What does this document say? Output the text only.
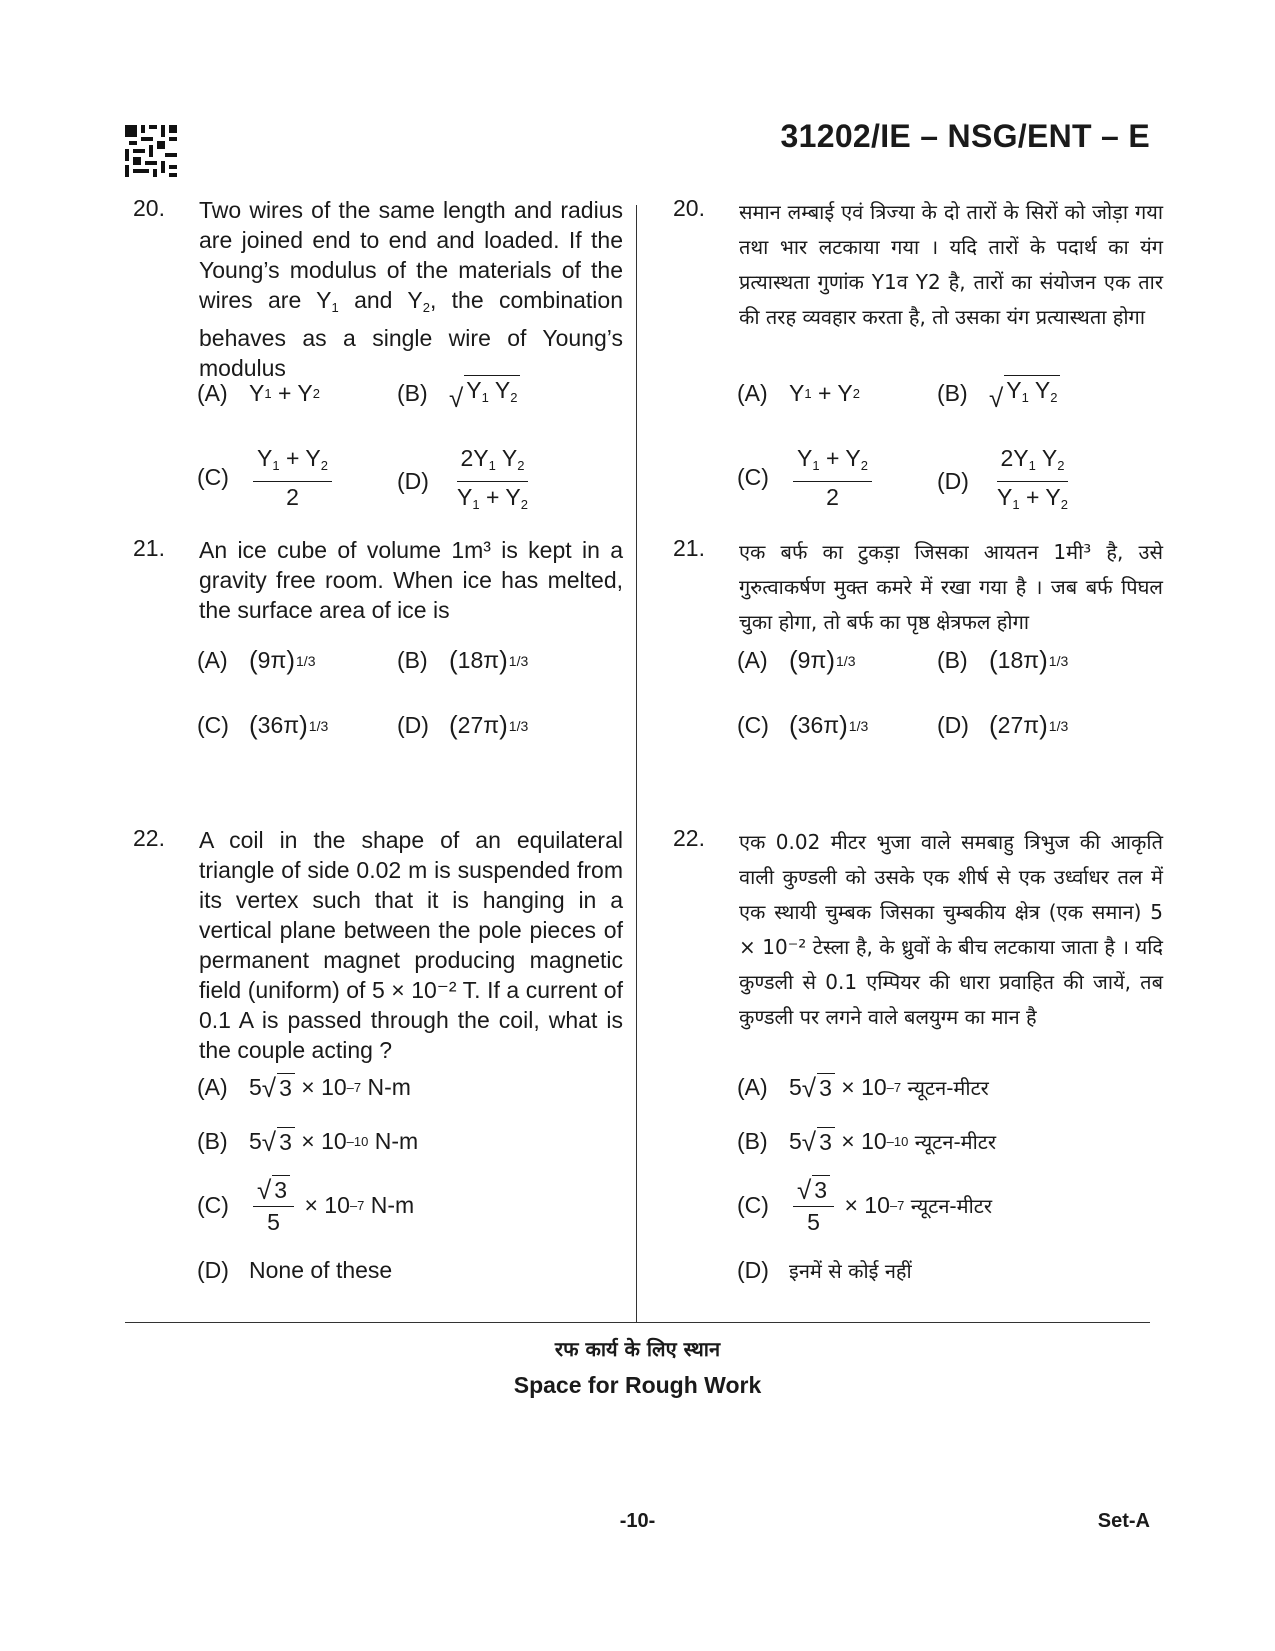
31202/IE – NSG/ENT – E
20. Two wires of the same length and radius are joined end to end and loaded. If the Young’s modulus of the materials of the wires are $Y_1$ and $Y_2$, the combination behaves as a single wire of Young’s modulus
(A) Y 1 + Y 2	(B) √ $Y_1$ $Y_2$
(C)	$\frac{Y_1 + Y_2}{2}$	(D)	$\frac{2Y_1 Y_2}{Y_1 + Y_2}$
21. An ice cube of volume 1m³ is kept in a gravity free room. When ice has melted, the surface area of ice is
(A) ( 9π ) 1/3	(B) ( 18π ) 1/3
(C) ( 36π ) 1/3	(D) ( 27π ) 1/3
22. A coil in the shape of an equilateral triangle of side 0.02 m is suspended from its vertex such that it is hanging in a vertical plane between the pole pieces of permanent magnet producing magnetic field (uniform) of 5 × 10⁻² T. If a current of 0.1 A is passed through the coil, what is the couple acting ?
(A) 5 √ 3 × 10 –7
N-m
(B) 5 √ 3 × 10 –10
N-m
$(C) \frac{√ 3}{5} \times 10$ –7
N-m
(D) None of these
20. समान लम्बाई एवं त्रिज्या के दो तारों के सिरों को जोड़ा गया तथा भार लटकाया गया । यदि तारों के पदार्थ का यंग प्रत्यास्थता गुणांक Y1व Y2 है, तारों का संयोजन एक तार की तरह व्यवहार करता है, तो उसका यंग प्रत्यास्थता होगा
(A) Y 1 + Y 2	(B) √ $Y_1$ $Y_2$
(C)	$\frac{Y_1 + Y_2}{2}$	(D)	$\frac{2Y_1 Y_2}{Y_1 + Y_2}$
21. एक बर्फ का टुकड़ा जिसका आयतन 1मी³ है, उसे गुरुत्वाकर्षण मुक्त कमरे में रखा गया है । जब बर्फ पिघल चुका होगा, तो बर्फ का पृष्ठ क्षेत्रफल होगा
(A) ( 9π ) 1/3	(B) ( 18π ) 1/3
(C) ( 36π ) 1/3	(D) ( 27π ) 1/3
22. एक 0.02 मीटर भुजा वाले समबाहु त्रिभुज की आकृति वाली कुण्डली को उसके एक शीर्ष से एक उर्ध्वाधर तल में एक स्थायी चुम्बक जिसका चुम्बकीय क्षेत्र (एक समान) 5 × 10⁻² टेस्ला है, के ध्रुवों के बीच लटकाया जाता है । यदि कुण्डली से 0.1 एम्पियर की धारा प्रवाहित की जायें, तब कुण्डली पर लगने वाले बलयुग्म का मान है
(A) 5 √ 3 × 10 –7
न्यूटन-मीटर
(B) 5 √ 3 × 10 –10
न्यूटन-मीटर
$(C) \frac{√ 3}{5} \times 10$ –7
न्यूटन-मीटर
(D)	इनमें से कोई नहीं
रफ कार्य के लिए स्थान
Space for Rough Work
-10-	Set-A
